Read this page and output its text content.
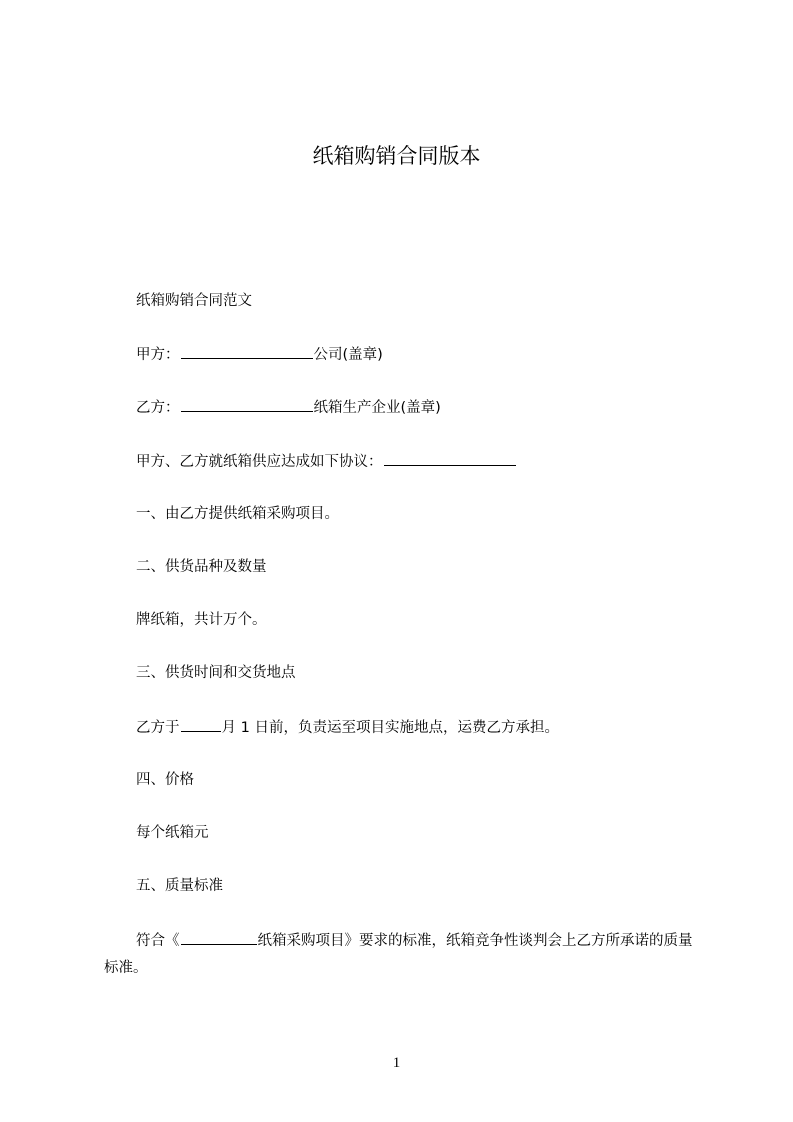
纸箱购销合同版本
纸箱购销合同范文
甲方：	公司(盖章)
乙方：	纸箱生产企业(盖章)
甲方、乙方就纸箱供应达成如下协议：
一、由乙方提供纸箱采购项目。
二、供货品种及数量
牌纸箱，共计万个。
三、供货时间和交货地点
乙方于	月 1 日前，负责运至项目实施地点，运费乙方承担。
四、价格
每个纸箱元
五、质量标准
符合《	纸箱采购项目》要求的标准，纸箱竞争性谈判会上乙方所承诺的质量标准。
1
